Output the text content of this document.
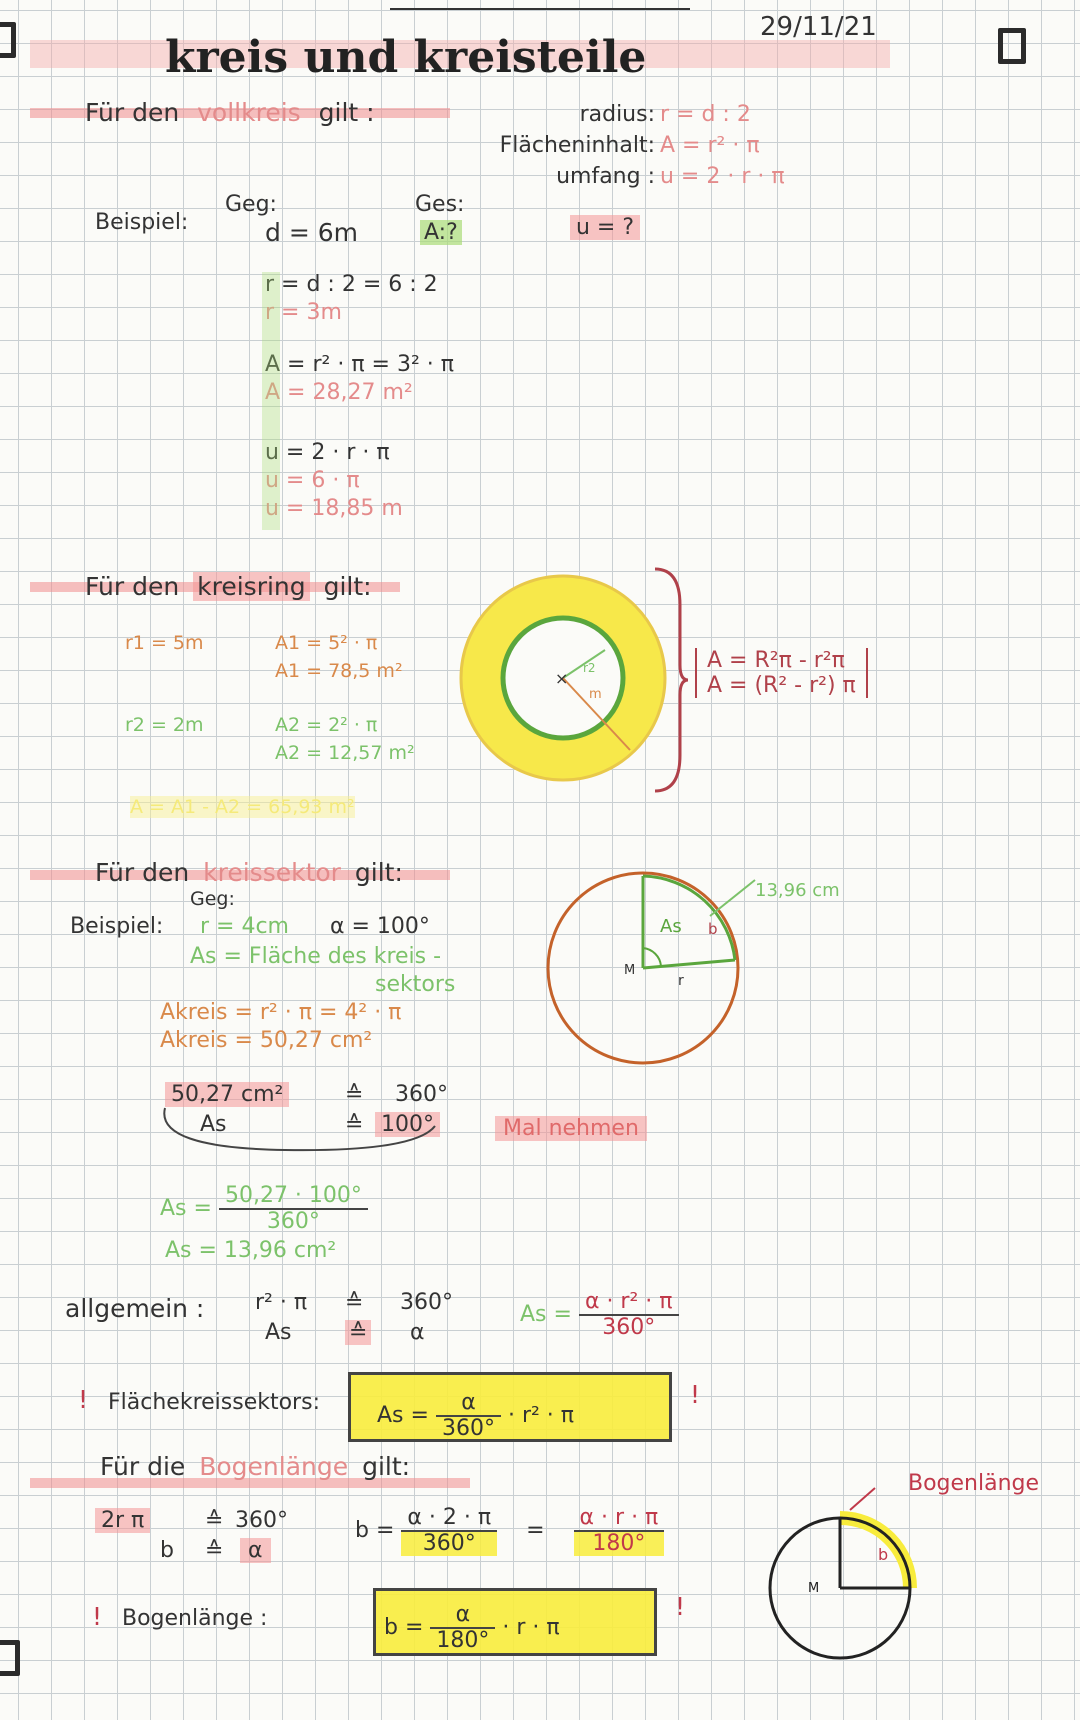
kreis und kreisteile
29/11/21
Für den vollkreis gilt :	radius: r = d : 2
Flächeninhalt: A = r² · π
umfang : u = 2 · r · π
Beispiel:
Geg:
d = 6m
Ges:
A:?	u = ?
r = d : 2 = 6 : 2
r = 3m
A = r² · π = 3² · π
A = 28,27 m²
u = 2 · r · π
u = 6 · π
u = 18,85 m
Für den kreisring gilt:
r1 = 5m	A1 = 5² · π
A1 = 78,5 m²
r2 = 2m	A2 = 2² · π
A2 = 12,57 m²
A = A1 - A2 = 65,93 m²
×
r2
m
A = R²π - r²π
A = (R² - r²) π
Für den kreissektor gilt:
Geg:
Beispiel: r = 4cm α = 100°
As = Fläche des kreis -
sektors
Akreis = r² · π = 4² · π
Akreis = 50,27 cm²
50,27 cm²	≙ 360°
As	≙ 100°	Mal nehmen
$As = \frac{50,27 \cdot 100^\circ}{360^\circ}$
As = 13,96 cm²
As b
M
r
13,96 cm
allgemein : r² · π ≙ 360°
As	≙ α
$As = \frac{\text{α · r² · π}}{360^\circ}$
! Flächekreissektors:
$As = \frac{\alpha}{360^\circ} \cdot r^2 \cdot \pi$
!
Für die Bogenlänge gilt:
2r π	≙ 360°
b ≙	α
$b = \frac{\alpha \cdot 2 \cdot \pi}{360^\circ} = \frac{\alpha \cdot r \cdot \pi}{180^\circ}$	b
M
Bogenlänge
! Bogenlänge :	$b = \frac{\alpha}{180^\circ} \cdot r \cdot \pi$
!
